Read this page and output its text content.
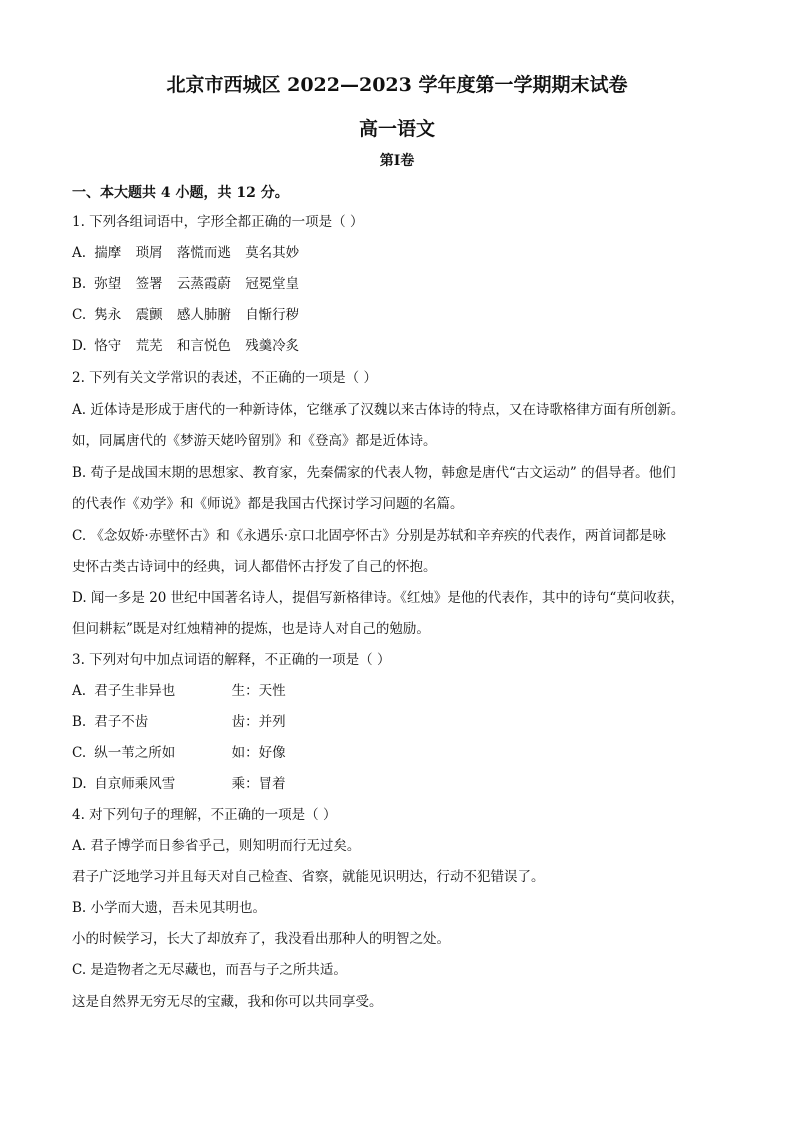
北京市西城区 2022—2023 学年度第一学期期末试卷
高一语文
第I卷
一、本大题共 4 小题，共 12 分。
1. 下列各组词语中，字形全都正确的一项是（ ）
A. 揣摩 琐屑 落慌而逃 莫名其妙
B. 弥望 签署 云蒸霞蔚 冠冕堂皇
C. 隽永 震颤 感人肺腑 自惭行秽
D. 恪守 荒芜 和言悦色 残羹冷炙
2. 下列有关文学常识的表述，不正确的一项是（ ）
A. 近体诗是形成于唐代的一种新诗体，它继承了汉魏以来古体诗的特点，又在诗歌格律方面有所创新。
如，同属唐代的《梦游天姥吟留别》和《登高》都是近体诗。
B. 荀子是战国末期的思想家、教育家，先秦儒家的代表人物，韩愈是唐代“古文运动” 的倡导者。他们
的代表作《劝学》和《师说》都是我国古代探讨学习问题的名篇。
C. 《念奴娇·赤壁怀古》和《永遇乐·京口北固亭怀古》分别是苏轼和辛弃疾的代表作，两首词都是咏
史怀古类古诗词中的经典，词人都借怀古抒发了自己的怀抱。
D. 闻一多是 20 世纪中国著名诗人，提倡写新格律诗。《红烛》是他的代表作，其中的诗句“莫问收获，
但问耕耘”既是对红烛精神的提炼，也是诗人对自己的勉励。
3. 下列对句中加点词语的解释，不正确的一项是（ ）
A. 君子生非异也	生：天性
B. 君子不齿	齿：并列
C. 纵一苇之所如	如：好像
D. 自京师乘风雪	乘：冒着
4. 对下列句子的理解，不正确的一项是（ ）
A. 君子博学而日参省乎己，则知明而行无过矣。
君子广泛地学习并且每天对自己检查、省察，就能见识明达，行动不犯错误了。
B. 小学而大遗，吾未见其明也。
小的时候学习，长大了却放弃了，我没看出那种人的明智之处。
C. 是造物者之无尽藏也，而吾与子之所共适。
这是自然界无穷无尽的宝藏，我和你可以共同享受。
